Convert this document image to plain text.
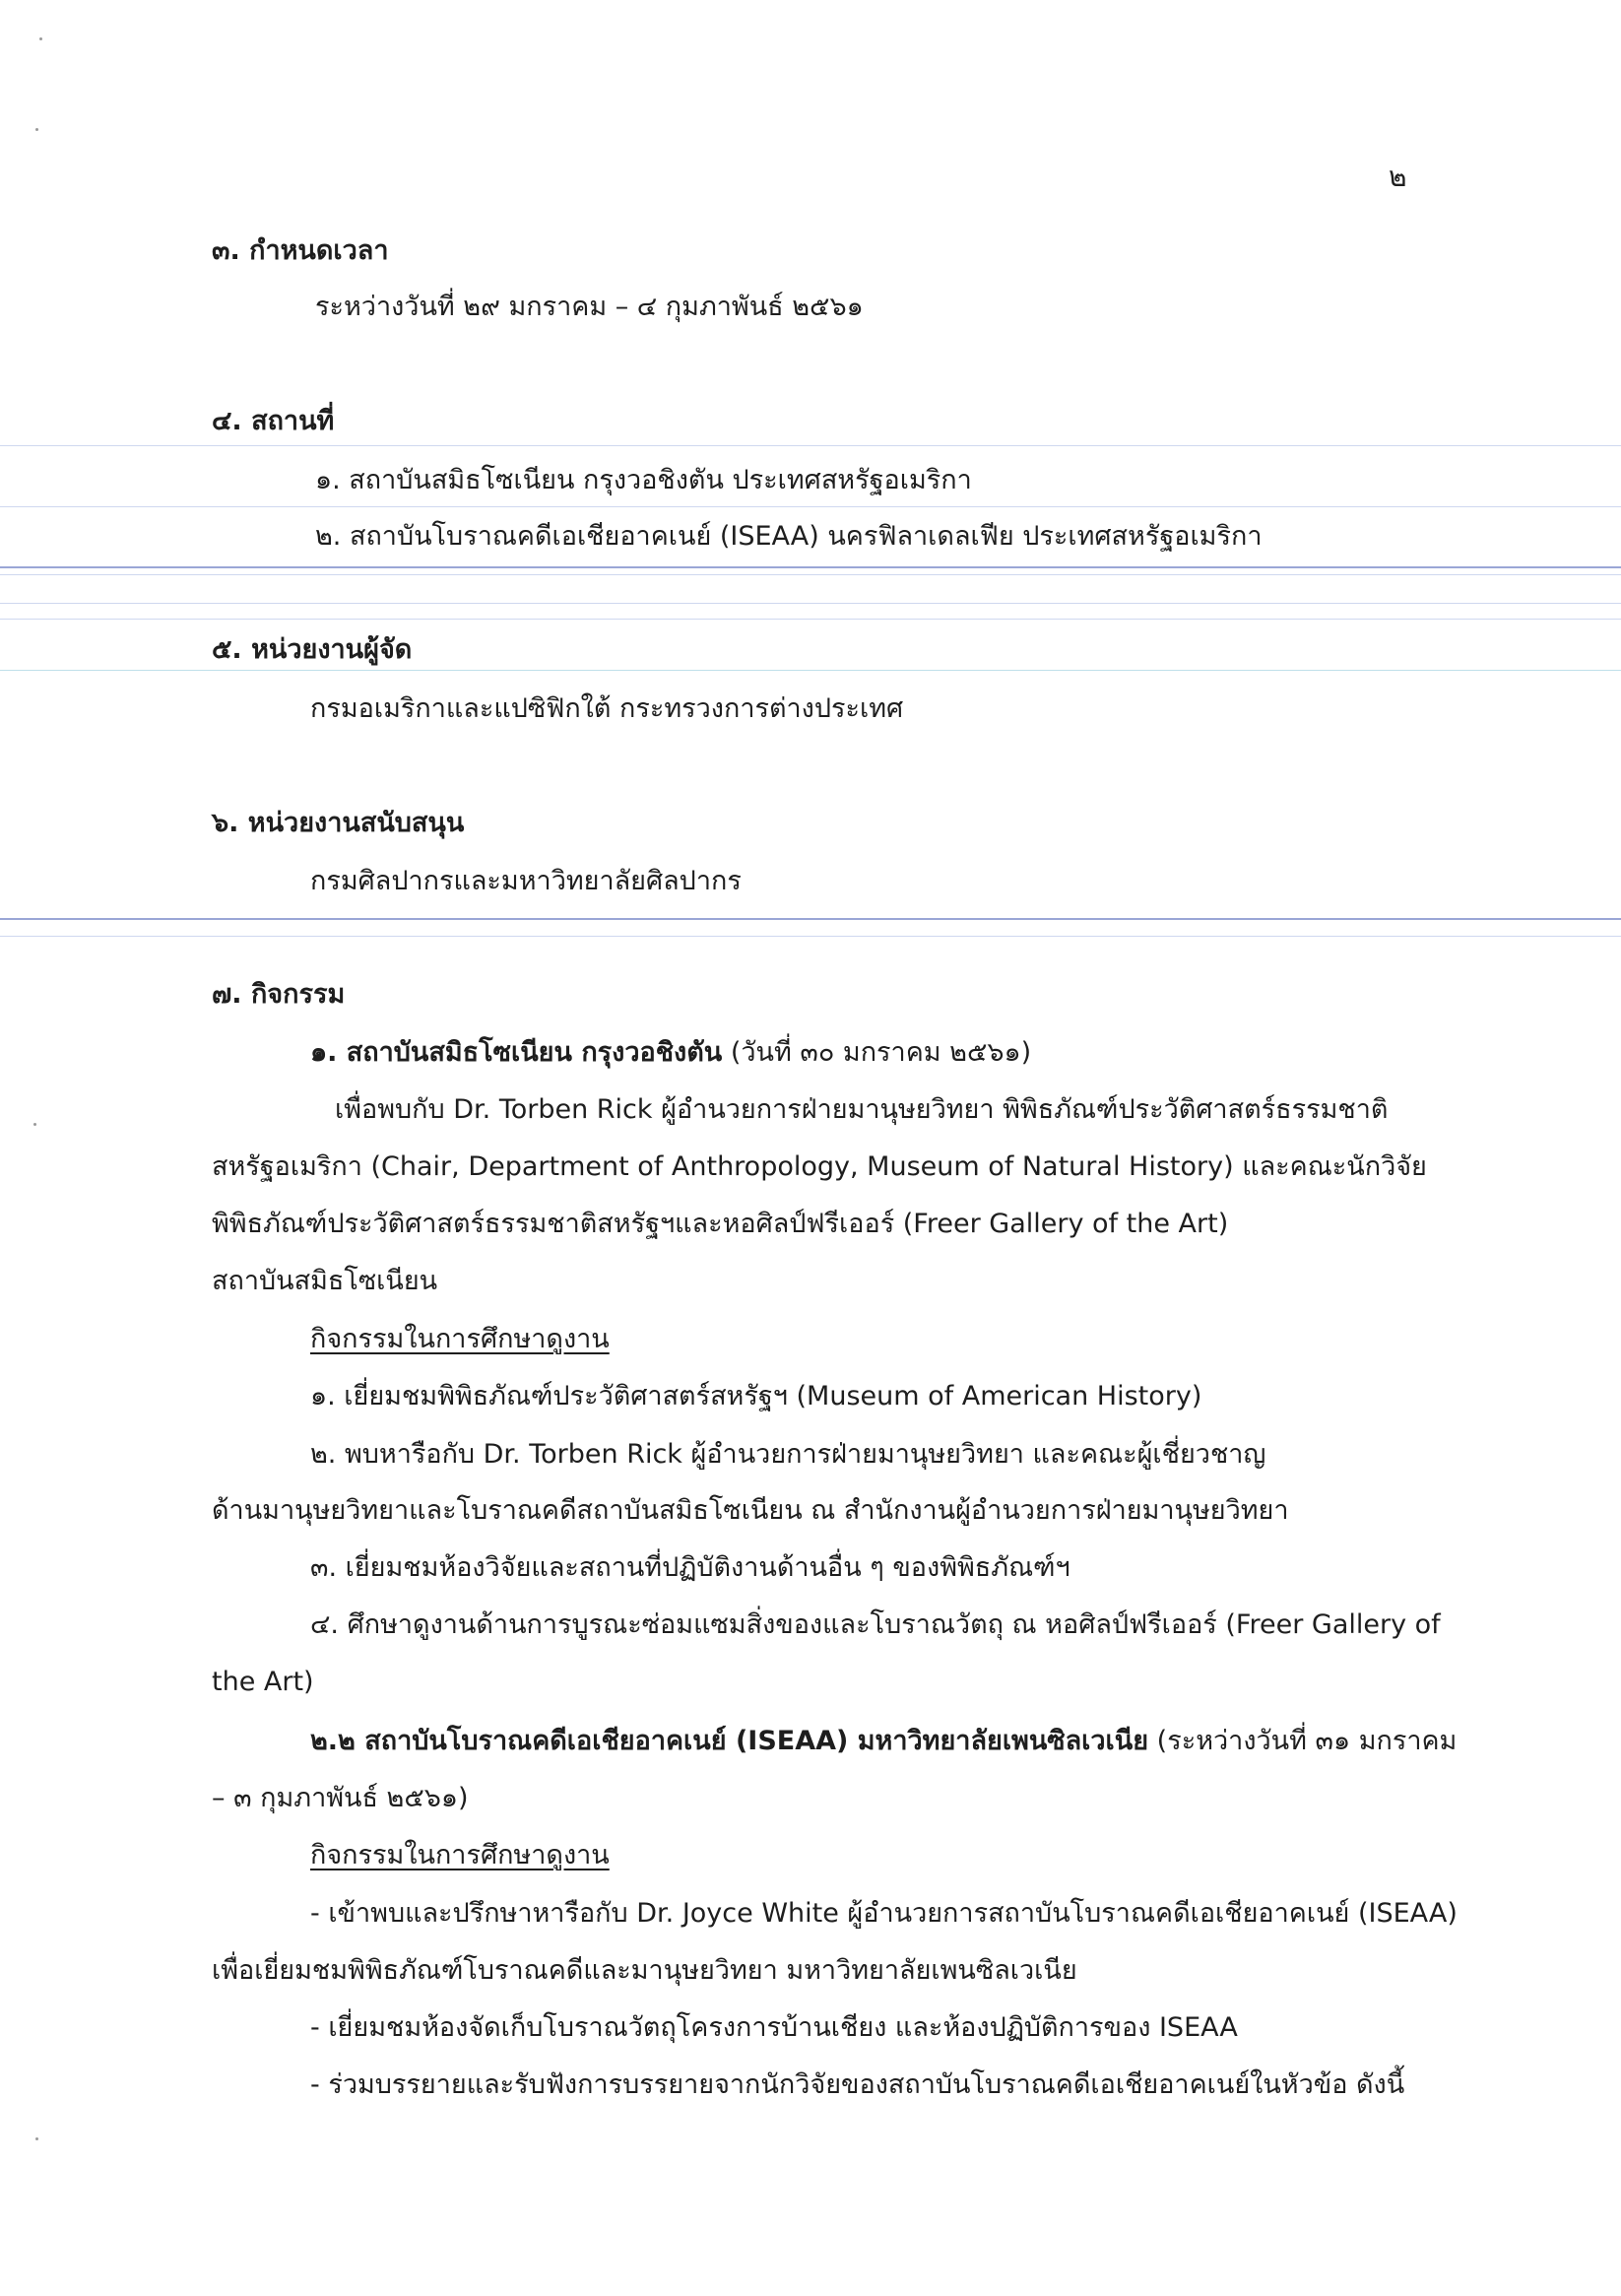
๒
๓. กำหนดเวลา
ระหว่างวันที่ ๒๙ มกราคม – ๔ กุมภาพันธ์ ๒๕๖๑
๔. สถานที่
๑. สถาบันสมิธโซเนียน กรุงวอชิงตัน ประเทศสหรัฐอเมริกา
๒. สถาบันโบราณคดีเอเชียอาคเนย์ (ISEAA) นครฟิลาเดลเฟีย ประเทศสหรัฐอเมริกา
๕. หน่วยงานผู้จัด
กรมอเมริกาและแปซิฟิกใต้ กระทรวงการต่างประเทศ
๖. หน่วยงานสนับสนุน
กรมศิลปากรและมหาวิทยาลัยศิลปากร
๗. กิจกรรม
๑. สถาบันสมิธโซเนียน กรุงวอชิงตัน (วันที่ ๓๐ มกราคม ๒๕๖๑)
เพื่อพบกับ Dr. Torben Rick ผู้อำนวยการฝ่ายมานุษยวิทยา พิพิธภัณฑ์ประวัติศาสตร์ธรรมชาติ
สหรัฐอเมริกา (Chair, Department of Anthropology, Museum of Natural History) และคณะนักวิจัย
พิพิธภัณฑ์ประวัติศาสตร์ธรรมชาติสหรัฐฯและหอศิลป์ฟรีเออร์ (Freer Gallery of the Art)
สถาบันสมิธโซเนียน
กิจกรรมในการศึกษาดูงาน
๑. เยี่ยมชมพิพิธภัณฑ์ประวัติศาสตร์สหรัฐฯ (Museum of American History)
๒. พบหารือกับ Dr. Torben Rick ผู้อำนวยการฝ่ายมานุษยวิทยา และคณะผู้เชี่ยวชาญ
ด้านมานุษยวิทยาและโบราณคดีสถาบันสมิธโซเนียน ณ สำนักงานผู้อำนวยการฝ่ายมานุษยวิทยา
๓. เยี่ยมชมห้องวิจัยและสถานที่ปฏิบัติงานด้านอื่น ๆ ของพิพิธภัณฑ์ฯ
๔. ศึกษาดูงานด้านการบูรณะซ่อมแซมสิ่งของและโบราณวัตถุ ณ หอศิลป์ฟรีเออร์ (Freer Gallery of
the Art)
๒.๒ สถาบันโบราณคดีเอเชียอาคเนย์ (ISEAA) มหาวิทยาลัยเพนซิลเวเนีย (ระหว่างวันที่ ๓๑ มกราคม
– ๓ กุมภาพันธ์ ๒๕๖๑)
กิจกรรมในการศึกษาดูงาน
- เข้าพบและปรึกษาหารือกับ Dr. Joyce White ผู้อำนวยการสถาบันโบราณคดีเอเชียอาคเนย์ (ISEAA)
เพื่อเยี่ยมชมพิพิธภัณฑ์โบราณคดีและมานุษยวิทยา มหาวิทยาลัยเพนซิลเวเนีย
- เยี่ยมชมห้องจัดเก็บโบราณวัตถุโครงการบ้านเชียง และห้องปฏิบัติการของ ISEAA
- ร่วมบรรยายและรับฟังการบรรยายจากนักวิจัยของสถาบันโบราณคดีเอเชียอาคเนย์ในหัวข้อ ดังนี้
